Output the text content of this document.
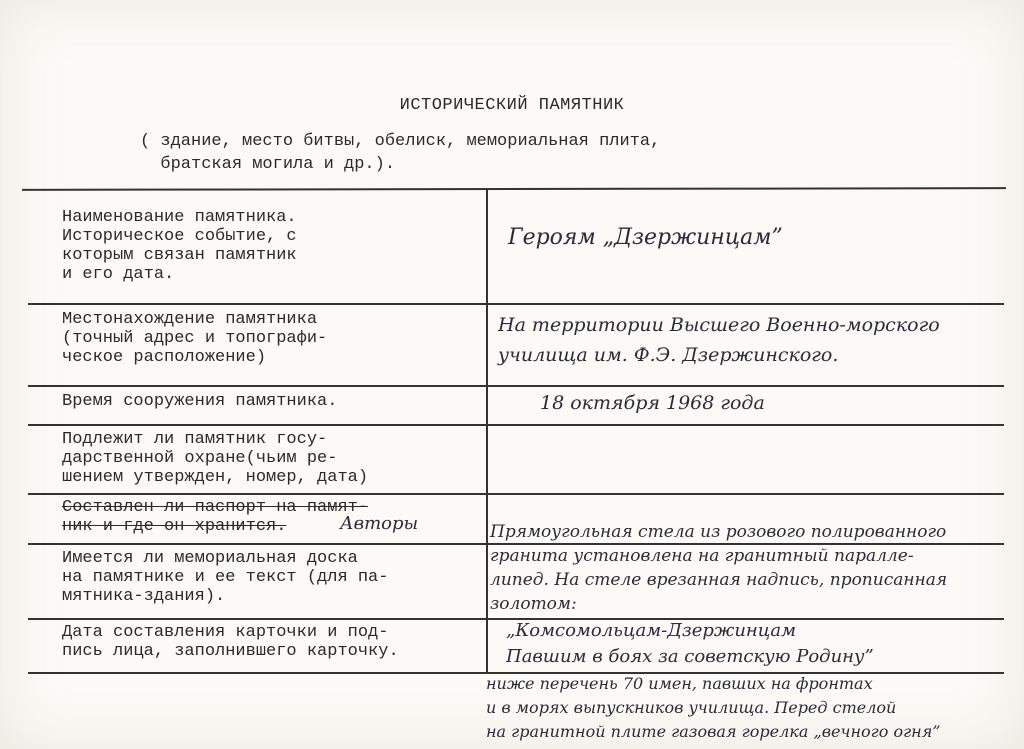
ИСТОРИЧЕСКИЙ ПАМЯТНИК
( здание, место битвы, обелиск, мемориальная плита,
братская могила и др.).
Наименование памятника.
Историческое событие, с
которым связан памятник
и его дата.
Местонахождение памятника
(точный адрес и топографи-
ческое расположение)
Время сооружения памятника.
Подлежит ли памятник госу-
дарственной охране(чьим ре-
шением утвержден, номер, дата)
Составлен ли паспорт на памят-
ник и где он хранится.
Имеется ли мемориальная доска
на памятнике и ее текст (для па-
мятника-здания).
Дата составления карточки и под-
пись лица, заполнившего карточку.
Героям „Дзержинцам”
На территории Высшего Военно-морского
училища им. Ф.Э. Дзержинского.
18 октября 1968 года
Авторы	Прямоугольная стела из розового полированного
гранита установлена на гранитный паралле-
липед. На стеле врезанная надпись, прописанная
золотом:
„Комсомольцам-Дзержинцам
Павшим в боях за советскую Родину”
ниже перечень 70 имен, павших на фронтах
и в морях выпускников училища. Перед стелой
на гранитной плите газовая горелка „вечного огня”
